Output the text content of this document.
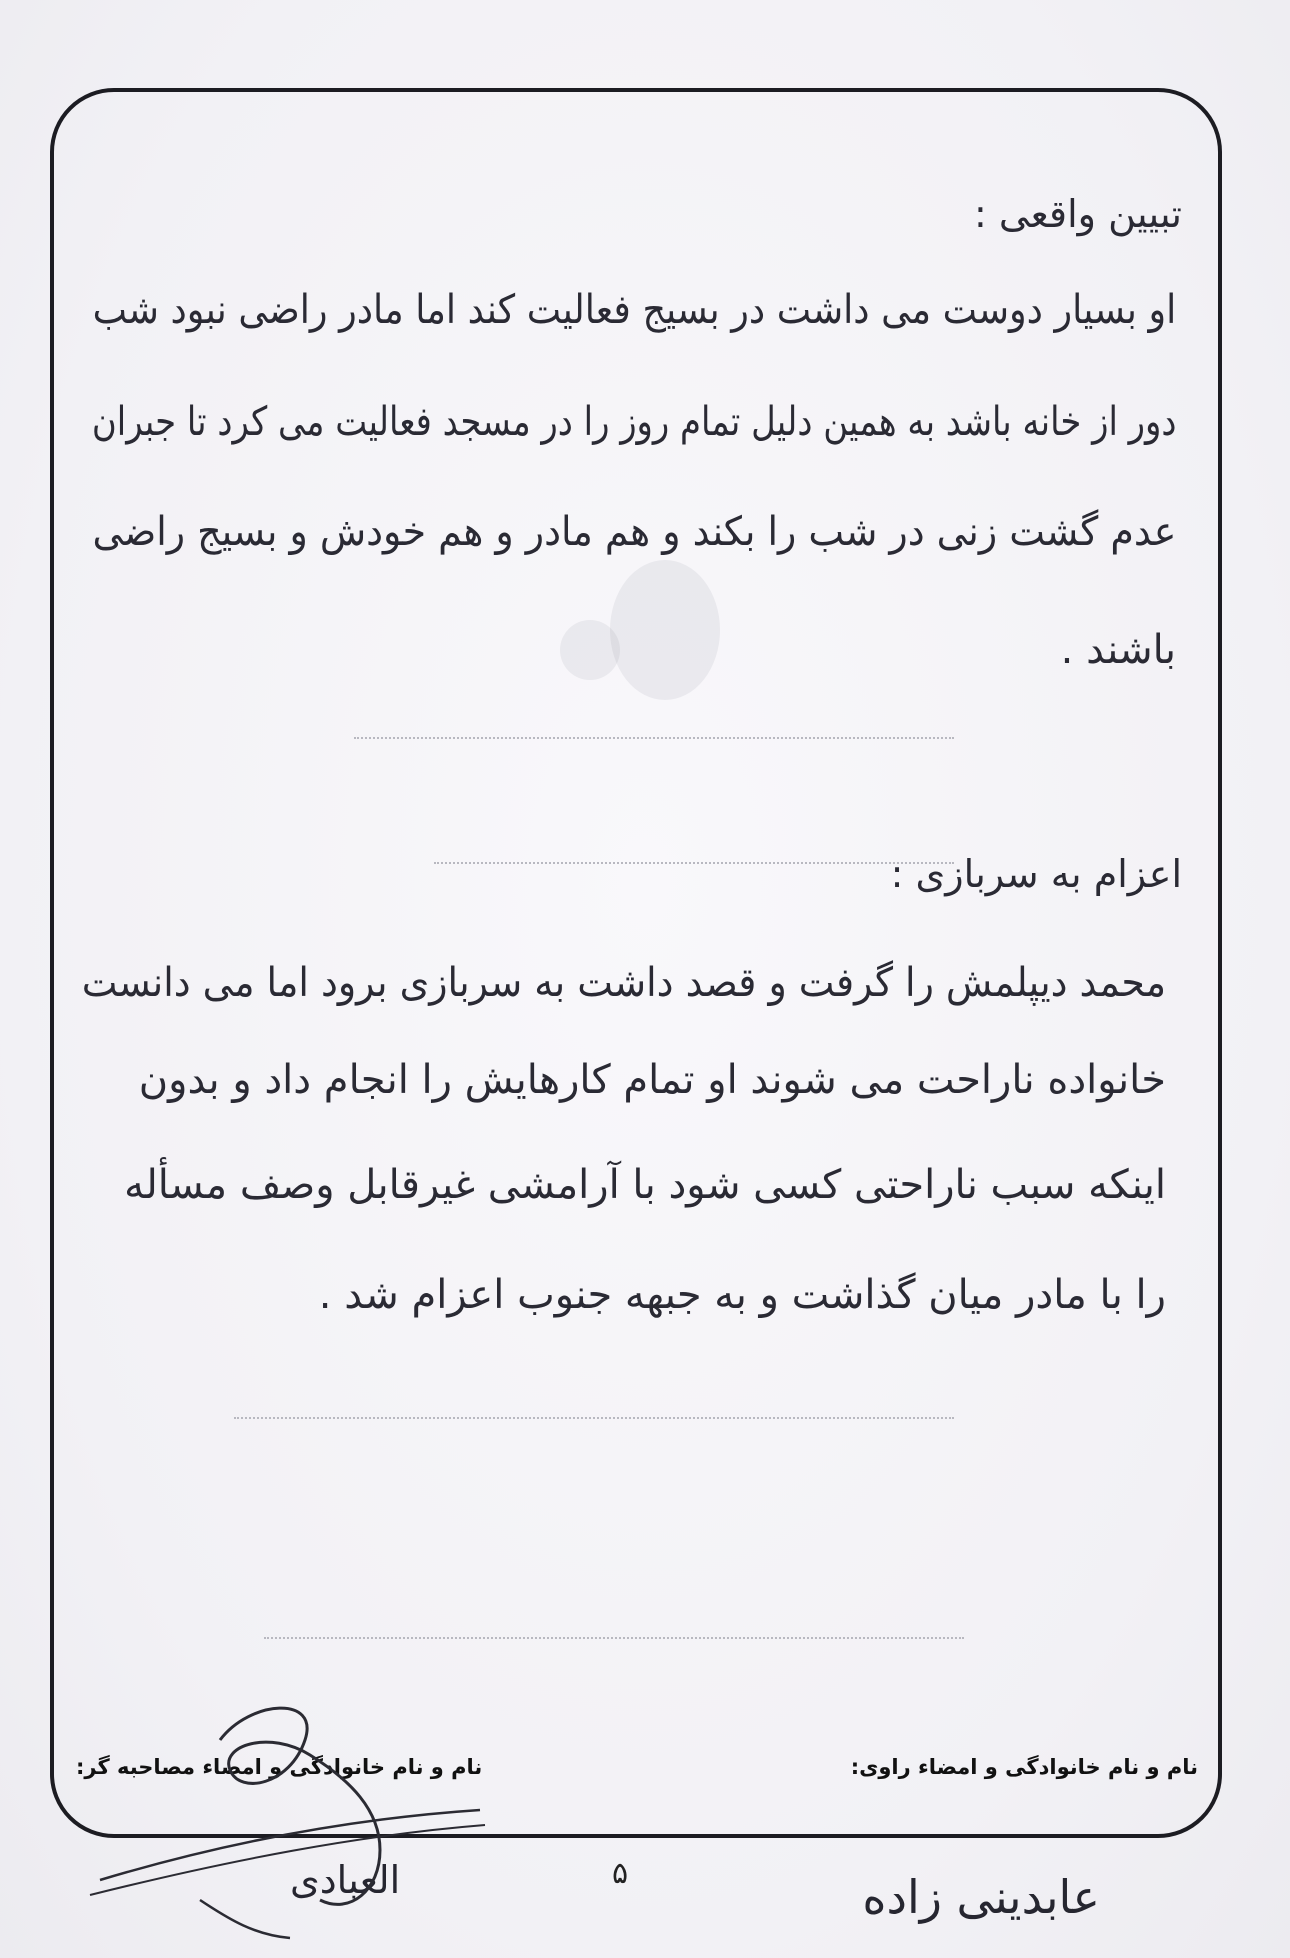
تبیین واقعی :
او بسیار دوست می داشت در بسیج فعالیت کند اما مادر راضی نبود شب
دور از خانه باشد به همین دلیل تمام روز را در مسجد فعالیت می کرد تا جبران
عدم گشت زنی در شب را بکند و هم مادر و هم خودش و بسیج راضی
باشند .
اعزام به سربازی :
محمد دیپلمش را گرفت و قصد داشت به سربازی برود اما می دانست
خانواده ناراحت می شوند او تمام کارهایش را انجام داد و بدون
اینکه سبب ناراحتی کسی شود با آرامشی غیرقابل وصف مسأله
را با مادر میان گذاشت و به جبهه جنوب اعزام شد .
نام و نام خانوادگی و امضاء راوی:
نام و نام خانوادگی و امضاء مصاحبه گر:
۵	عابدینی زاده
العبادی
